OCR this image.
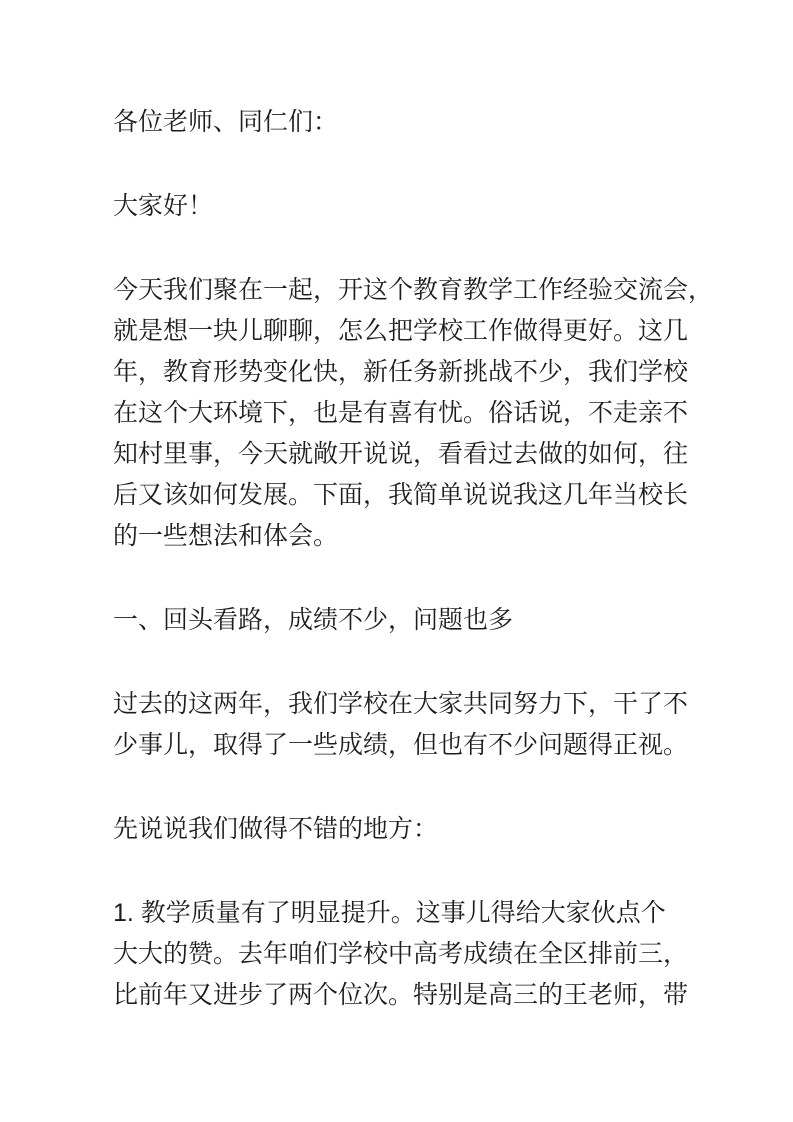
各位老师、同仁们：
大家好！
今天我们聚在一起，开这个教育教学工作经验交流会，
就是想一块儿聊聊，怎么把学校工作做得更好。这几
年，教育形势变化快，新任务新挑战不少，我们学校
在这个大环境下，也是有喜有忧。俗话说，不走亲不
知村里事，今天就敞开说说，看看过去做的如何，往
后又该如何发展。下面，我简单说说我这几年当校长
的一些想法和体会。
一、回头看路，成绩不少，问题也多
过去的这两年，我们学校在大家共同努力下，干了不
少事儿，取得了一些成绩，但也有不少问题得正视。
先说说我们做得不错的地方：
1. 教学质量有了明显提升。这事儿得给大家伙点个
大大的赞。去年咱们学校中高考成绩在全区排前三，
比前年又进步了两个位次。特别是高三的王老师，带
